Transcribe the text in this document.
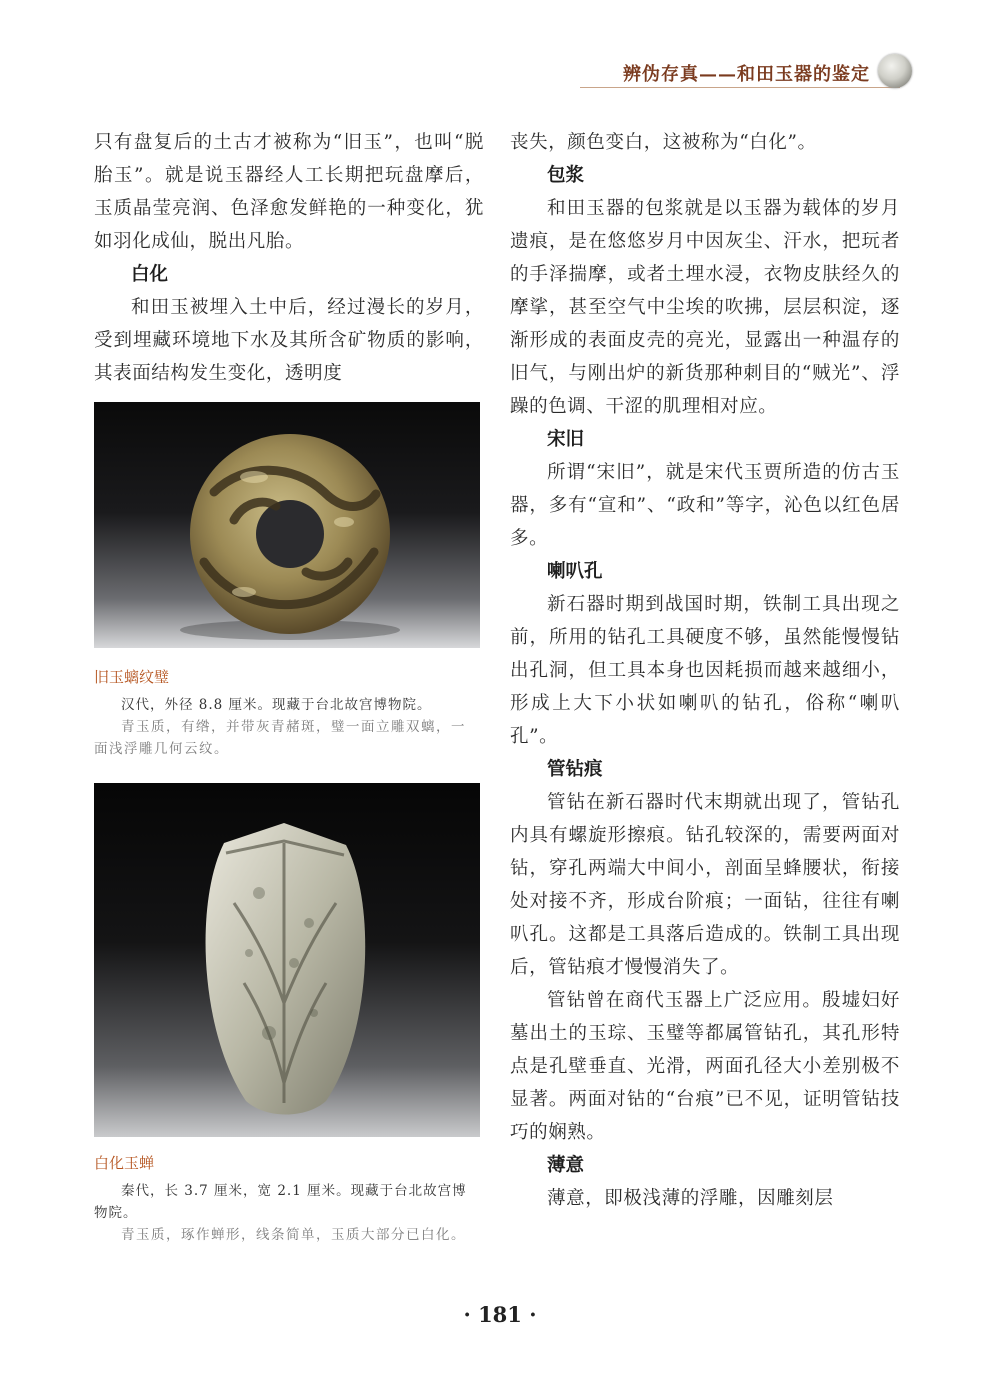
辨伪存真——和田玉器的鉴定

只有盘复后的土古才被称为“旧玉”，也叫“脱胎玉”。就是说玉器经人工长期把玩盘摩后，玉质晶莹亮润、色泽愈发鲜艳的一种变化，犹如羽化成仙，脱出凡胎。

白化

和田玉被埋入土中后，经过漫长的岁月，受到埋藏环境地下水及其所含矿物质的影响，其表面结构发生变化，透明度

旧玉螭纹璧

汉代，外径 8.8 厘米。现藏于台北故宫博物院。

青玉质，有绺，并带灰青赭斑，璧一面立雕双螭，一面浅浮雕几何云纹。

白化玉蝉

秦代，长 3.7 厘米，宽 2.1 厘米。现藏于台北故宫博物院。

青玉质，琢作蝉形，线条简单，玉质大部分已白化。

丧失，颜色变白，这被称为“白化”。

包浆

和田玉器的包浆就是以玉器为载体的岁月遗痕，是在悠悠岁月中因灰尘、汗水，把玩者的手泽揣摩，或者土埋水浸，衣物皮肤经久的摩挲，甚至空气中尘埃的吹拂，层层积淀，逐渐形成的表面皮壳的亮光，显露出一种温存的旧气，与刚出炉的新货那种刺目的“贼光”、浮躁的色调、干涩的肌理相对应。

宋旧

所谓“宋旧”，就是宋代玉贾所造的仿古玉器，多有“宣和”、“政和”等字，沁色以红色居多。

喇叭孔

新石器时期到战国时期，铁制工具出现之前，所用的钻孔工具硬度不够，虽然能慢慢钻出孔洞，但工具本身也因耗损而越来越细小，形成上大下小状如喇叭的钻孔，俗称“喇叭孔”。

管钻痕

管钻在新石器时代末期就出现了，管钻孔内具有螺旋形擦痕。钻孔较深的，需要两面对钻，穿孔两端大中间小，剖面呈蜂腰状，衔接处对接不齐，形成台阶痕；一面钻，往往有喇叭孔。这都是工具落后造成的。铁制工具出现后，管钻痕才慢慢消失了。

管钻曾在商代玉器上广泛应用。殷墟妇好墓出土的玉琮、玉璧等都属管钻孔，其孔形特点是孔壁垂直、光滑，两面孔径大小差别极不显著。两面对钻的“台痕”已不见，证明管钻技巧的娴熟。

薄意

薄意，即极浅薄的浮雕，因雕刻层

· 181 ·
